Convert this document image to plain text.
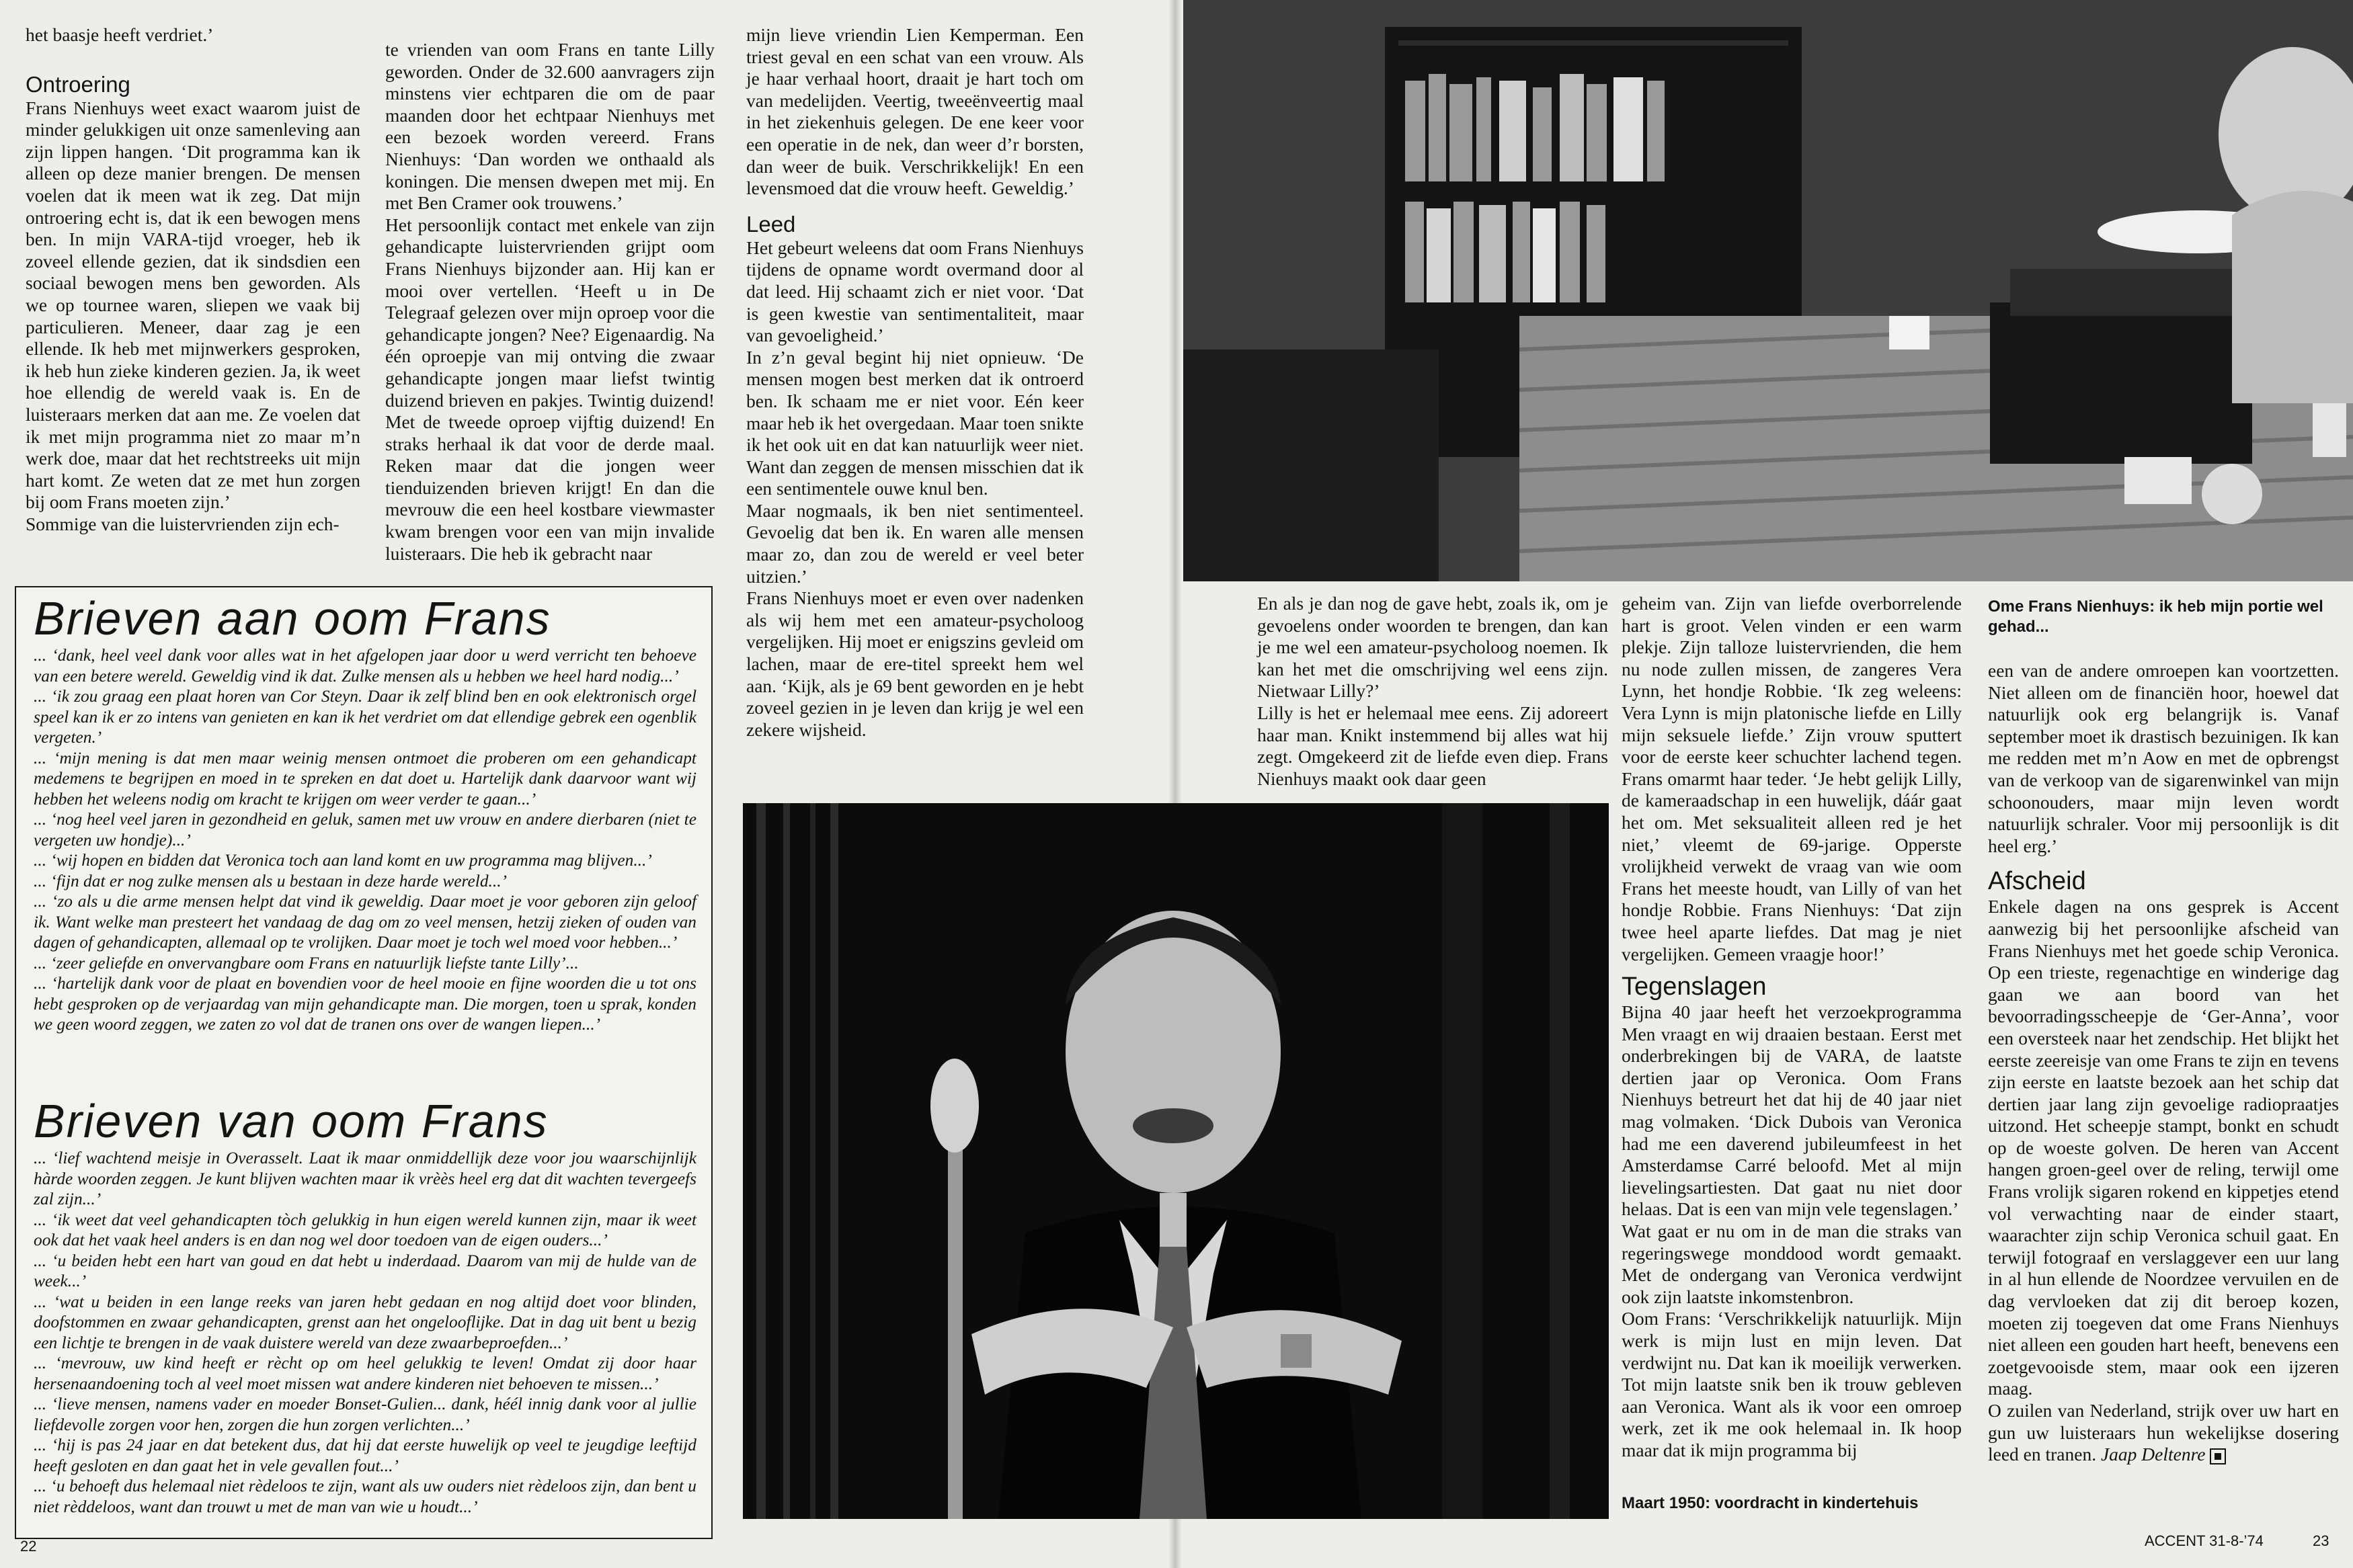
het baasje heeft verdriet.’

Ontroering

Frans Nienhuys weet exact waarom juist de minder gelukkigen uit onze samenleving aan zijn lippen hangen. ‘Dit programma kan ik alleen op deze manier brengen. De mensen voelen dat ik meen wat ik zeg. Dat mijn ontroering echt is, dat ik een bewogen mens ben. In mijn VARA-tijd vroeger, heb ik zoveel ellende gezien, dat ik sindsdien een sociaal bewogen mens ben geworden. Als we op tournee waren, sliepen we vaak bij particulieren. Meneer, daar zag je een ellende. Ik heb met mijnwerkers gesproken, ik heb hun zieke kinderen gezien. Ja, ik weet hoe ellendig de wereld vaak is. En de luisteraars merken dat aan me. Ze voelen dat ik met mijn programma niet zo maar m’n werk doe, maar dat het rechtstreeks uit mijn hart komt. Ze weten dat ze met hun zorgen bij oom Frans moeten zijn.’

Sommige van die luistervrienden zijn ech-

te vrienden van oom Frans en tante Lilly geworden. Onder de 32.600 aanvragers zijn minstens vier echtparen die om de paar maanden door het echtpaar Nienhuys met een bezoek worden vereerd. Frans Nienhuys: ‘Dan worden we onthaald als koningen. Die mensen dwepen met mij. En met Ben Cramer ook trouwens.’

Het persoonlijk contact met enkele van zijn gehandicapte luistervrienden grijpt oom Frans Nienhuys bijzonder aan. Hij kan er mooi over vertellen. ‘Heeft u in De Telegraaf gelezen over mijn oproep voor die gehandicapte jongen? Nee? Eigenaardig. Na één oproepje van mij ontving die zwaar gehandicapte jongen maar liefst twintig duizend brieven en pakjes. Twintig duizend! Met de tweede oproep vijftig duizend! En straks herhaal ik dat voor de derde maal. Reken maar dat die jongen weer tienduizenden brieven krijgt! En dan die mevrouw die een heel kostbare viewmaster kwam brengen voor een van mijn invalide luisteraars. Die heb ik gebracht naar

mijn lieve vriendin Lien Kemperman. Een triest geval en een schat van een vrouw. Als je haar verhaal hoort, draait je hart toch om van medelijden. Veertig, tweeënveertig maal in het ziekenhuis gelegen. De ene keer voor een operatie in de nek, dan weer d’r borsten, dan weer de buik. Verschrikkelijk! En een levensmoed dat die vrouw heeft. Geweldig.’

Leed

Het gebeurt weleens dat oom Frans Nienhuys tijdens de opname wordt overmand door al dat leed. Hij schaamt zich er niet voor. ‘Dat is geen kwestie van sentimentaliteit, maar van gevoeligheid.’

In z’n geval begint hij niet opnieuw. ‘De mensen mogen best merken dat ik ontroerd ben. Ik schaam me er niet voor. Eén keer maar heb ik het overgedaan. Maar toen snikte ik het ook uit en dat kan natuurlijk weer niet. Want dan zeggen de mensen misschien dat ik een sentimentele ouwe knul ben.

Maar nogmaals, ik ben niet sentimenteel. Gevoelig dat ben ik. En waren alle mensen maar zo, dan zou de wereld er veel beter uitzien.’

Frans Nienhuys moet er even over nadenken als wij hem met een amateur-psycholoog vergelijken. Hij moet er enigszins gevleid om lachen, maar de ere-titel spreekt hem wel aan. ‘Kijk, als je 69 bent geworden en je hebt zoveel gezien in je leven dan krijg je wel een zekere wijsheid.

Brieven aan oom Frans

... ‘dank, heel veel dank voor alles wat in het afgelopen jaar door u werd verricht ten behoeve van een betere wereld. Geweldig vind ik dat. Zulke mensen als u hebben we heel hard nodig...’

... ‘ik zou graag een plaat horen van Cor Steyn. Daar ik zelf blind ben en ook elektronisch orgel speel kan ik er zo intens van genieten en kan ik het verdriet om dat ellendige gebrek een ogenblik vergeten.’

... ‘mijn mening is dat men maar weinig mensen ontmoet die proberen om een gehandicapt medemens te begrijpen en moed in te spreken en dat doet u. Hartelijk dank daarvoor want wij hebben het weleens nodig om kracht te krijgen om weer verder te gaan...’

... ‘nog heel veel jaren in gezondheid en geluk, samen met uw vrouw en andere dierbaren (niet te vergeten uw hondje)...’

... ‘wij hopen en bidden dat Veronica toch aan land komt en uw programma mag blijven...’

... ‘fijn dat er nog zulke mensen als u bestaan in deze harde wereld...’

... ‘zo als u die arme mensen helpt dat vind ik geweldig. Daar moet je voor geboren zijn geloof ik. Want welke man presteert het vandaag de dag om zo veel mensen, hetzij zieken of ouden van dagen of gehandicapten, allemaal op te vrolijken. Daar moet je toch wel moed voor hebben...’

... ‘zeer geliefde en onvervangbare oom Frans en natuurlijk liefste tante Lilly’...

... ‘hartelijk dank voor de plaat en bovendien voor de heel mooie en fijne woorden die u tot ons hebt gesproken op de verjaardag van mijn gehandicapte man. Die morgen, toen u sprak, konden we geen woord zeggen, we zaten zo vol dat de tranen ons over de wangen liepen...’

Brieven van oom Frans

... ‘lief wachtend meisje in Overasselt. Laat ik maar onmiddellijk deze voor jou waarschijnlijk hàrde woorden zeggen. Je kunt blijven wachten maar ik vrèès heel erg dat dit wachten tevergeefs zal zijn...’

... ‘ik weet dat veel gehandicapten tòch gelukkig in hun eigen wereld kunnen zijn, maar ik weet ook dat het vaak heel anders is en dan nog wel door toedoen van de eigen ouders...’

... ‘u beiden hebt een hart van goud en dat hebt u inderdaad. Daarom van mij de hulde van de week...’

... ‘wat u beiden in een lange reeks van jaren hebt gedaan en nog altijd doet voor blinden, doofstommen en zwaar gehandicapten, grenst aan het ongelooflijke. Dat in dag uit bent u bezig een lichtje te brengen in de vaak duistere wereld van deze zwaarbeproefden...’

... ‘mevrouw, uw kind heeft er rècht op om heel gelukkig te leven! Omdat zij door haar hersenaandoening toch al veel moet missen wat andere kinderen niet behoeven te missen...’

... ‘lieve mensen, namens vader en moeder Bonset-Gulien... dank, héél innig dank voor al jullie liefdevolle zorgen voor hen, zorgen die hun zorgen verlichten...’

... ‘hij is pas 24 jaar en dat betekent dus, dat hij dat eerste huwelijk op veel te jeugdige leeftijd heeft gesloten en dan gaat het in vele gevallen fout...’

... ‘u behoeft dus helemaal niet rèdeloos te zijn, want als uw ouders niet rèdeloos zijn, dan bent u niet rèddeloos, want dan trouwt u met de man van wie u houdt...’

En als je dan nog de gave hebt, zoals ik, om je gevoelens onder woorden te brengen, dan kan je me wel een amateur-psycholoog noemen. Ik kan het met die omschrijving wel eens zijn. Nietwaar Lilly?’

Lilly is het er helemaal mee eens. Zij adoreert haar man. Knikt instemmend bij alles wat hij zegt. Omgekeerd zit de liefde even diep. Frans Nienhuys maakt ook daar geen

geheim van. Zijn van liefde overborrelende hart is groot. Velen vinden er een warm plekje. Zijn talloze luistervrienden, die hem nu node zullen missen, de zangeres Vera Lynn, het hondje Robbie. ‘Ik zeg weleens: Vera Lynn is mijn platonische liefde en Lilly mijn seksuele liefde.’ Zijn vrouw sputtert voor de eerste keer schuchter lachend tegen. Frans omarmt haar teder. ‘Je hebt gelijk Lilly, de kameraadschap in een huwelijk, dáár gaat het om. Met seksualiteit alleen red je het niet,’ vleemt de 69-jarige. Opperste vrolijkheid verwekt de vraag van wie oom Frans het meeste houdt, van Lilly of van het hondje Robbie. Frans Nienhuys: ‘Dat zijn twee heel aparte liefdes. Dat mag je niet vergelijken. Gemeen vraagje hoor!’

Tegenslagen

Bijna 40 jaar heeft het verzoekprogramma Men vraagt en wij draaien bestaan. Eerst met onderbrekingen bij de VARA, de laatste dertien jaar op Veronica. Oom Frans Nienhuys betreurt het dat hij de 40 jaar niet mag volmaken. ‘Dick Dubois van Veronica had me een daverend jubileumfeest in het Amsterdamse Carré beloofd. Met al mijn lievelingsartiesten. Dat gaat nu niet door helaas. Dat is een van mijn vele tegenslagen.’

Wat gaat er nu om in de man die straks van regeringswege monddood wordt gemaakt. Met de ondergang van Veronica verdwijnt ook zijn laatste inkomstenbron.

Oom Frans: ‘Verschrikkelijk natuurlijk. Mijn werk is mijn lust en mijn leven. Dat verdwijnt nu. Dat kan ik moeilijk verwerken. Tot mijn laatste snik ben ik trouw gebleven aan Veronica. Want als ik voor een omroep werk, zet ik me ook helemaal in. Ik hoop maar dat ik mijn programma bij

Ome Frans Nienhuys: ik heb mijn portie wel gehad...

een van de andere omroepen kan voortzetten. Niet alleen om de financiën hoor, hoewel dat natuurlijk ook erg belangrijk is. Vanaf september moet ik drastisch bezuinigen. Ik kan me redden met m’n Aow en met de opbrengst van de verkoop van de sigarenwinkel van mijn schoonouders, maar mijn leven wordt natuurlijk schraler. Voor mij persoonlijk is dit heel erg.’

Afscheid

Enkele dagen na ons gesprek is Accent aanwezig bij het persoonlijke afscheid van Frans Nienhuys met het goede schip Veronica. Op een trieste, regenachtige en winderige dag gaan we aan boord van het bevoorradingsscheepje de ‘Ger-Anna’, voor een oversteek naar het zendschip. Het blijkt het eerste zeereisje van ome Frans te zijn en tevens zijn eerste en laatste bezoek aan het schip dat dertien jaar lang zijn gevoelige radiopraatjes uitzond. Het scheepje stampt, bonkt en schudt op de woeste golven. De heren van Accent hangen groen-geel over de reling, terwijl ome Frans vrolijk sigaren rokend en kippetjes etend vol verwachting naar de einder staart, waarachter zijn schip Veronica schuil gaat. En terwijl fotograaf en verslaggever een uur lang in al hun ellende de Noordzee vervuilen en de dag vervloeken dat zij dit beroep kozen, moeten zij toegeven dat ome Frans Nienhuys niet alleen een gouden hart heeft, benevens een zoetgevooisde stem, maar ook een ijzeren maag.

O zuilen van Nederland, strijk over uw hart en gun uw luisteraars hun wekelijkse dosering leed en tranen. Jaap Deltenre

Maart 1950: voordracht in kindertehuis
22	ACCENT 31-8-’74	23
